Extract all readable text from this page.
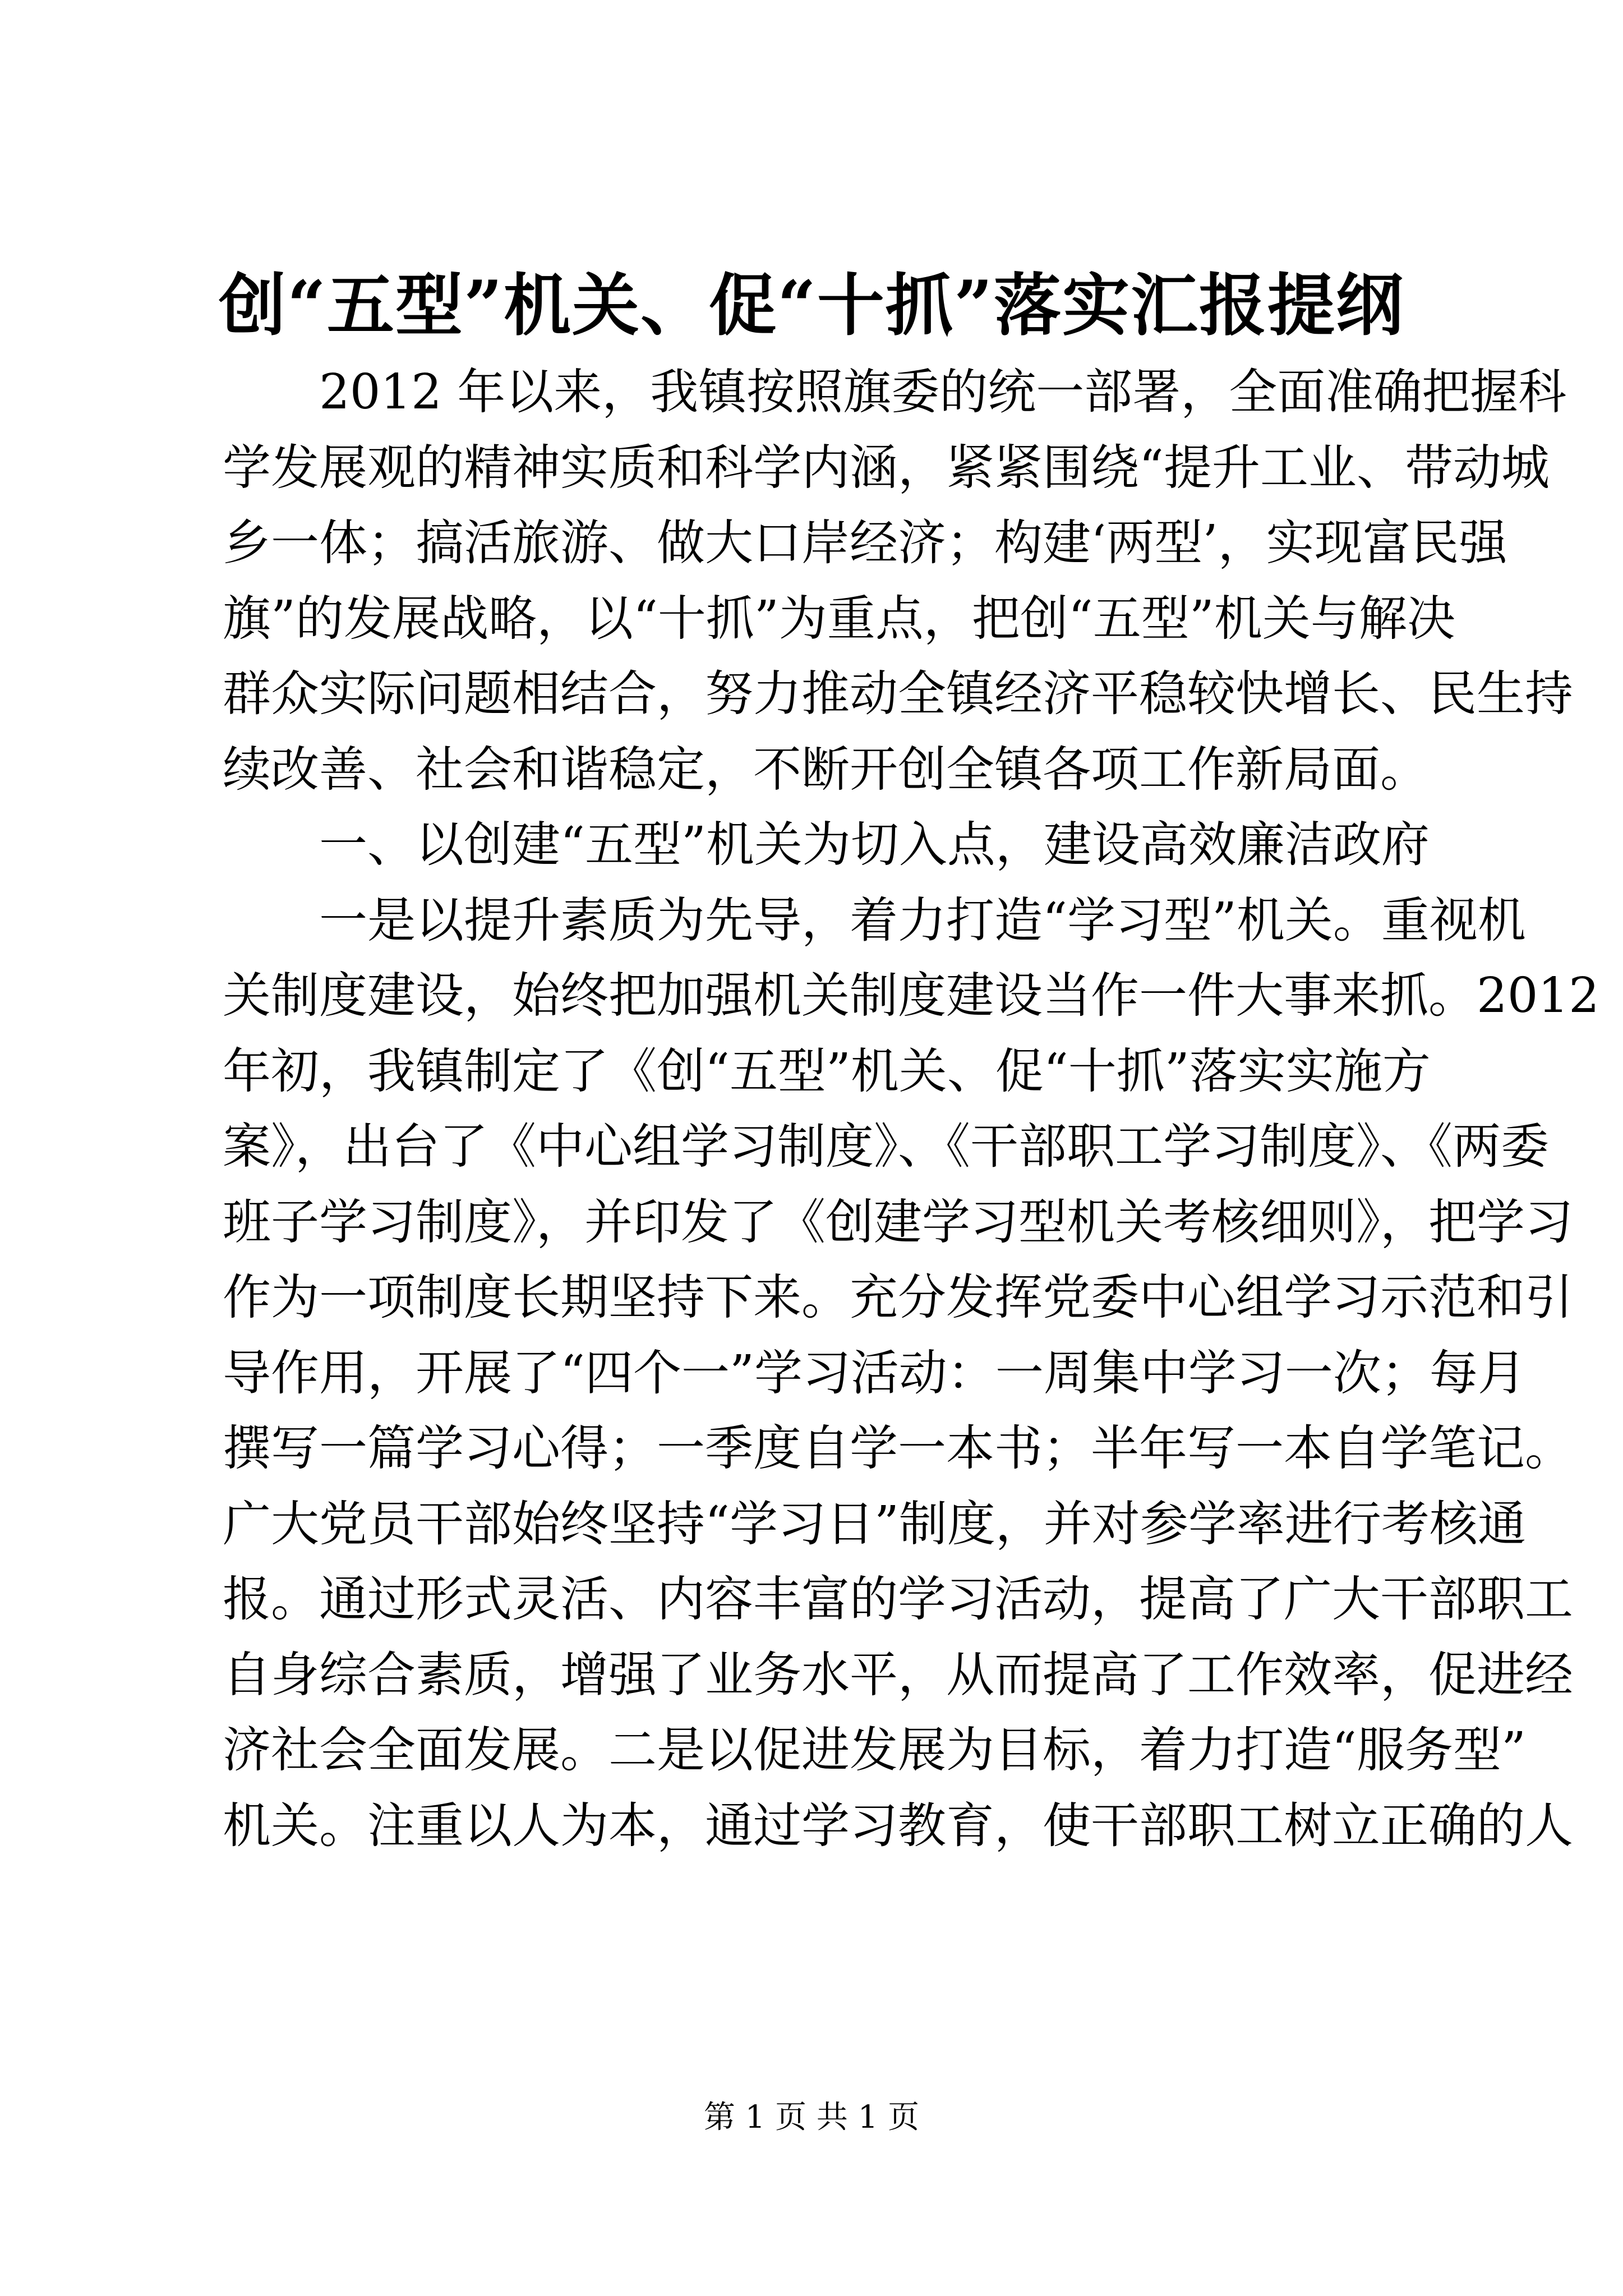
创“五型”机关、促“十抓”落实汇报提纲
2012 年以来，我镇按照旗委的统一部署，全面准确把握科
学发展观的精神实质和科学内涵，紧紧围绕“提升工业、带动城
乡一体；搞活旅游、做大口岸经济；构建‘两型’，实现富民强
旗”的发展战略，以“十抓”为重点，把创“五型”机关与解决
群众实际问题相结合，努力推动全镇经济平稳较快增长、民生持
续改善、社会和谐稳定，不断开创全镇各项工作新局面。
一、以创建“五型”机关为切入点，建设高效廉洁政府
一是以提升素质为先导，着力打造“学习型”机关。重视机
关制度建设，始终把加强机关制度建设当作一件大事来抓。2012
年初，我镇制定了《创“五型”机关、促“十抓”落实实施方
案》，出台了《中心组学习制度》、《干部职工学习制度》、《两委
班子学习制度》，并印发了《创建学习型机关考核细则》，把学习
作为一项制度长期坚持下来。充分发挥党委中心组学习示范和引
导作用，开展了“四个一”学习活动：一周集中学习一次；每月
撰写一篇学习心得；一季度自学一本书；半年写一本自学笔记。
广大党员干部始终坚持“学习日”制度，并对参学率进行考核通
报。通过形式灵活、内容丰富的学习活动，提高了广大干部职工
自身综合素质，增强了业务水平，从而提高了工作效率，促进经
济社会全面发展。二是以促进发展为目标，着力打造“服务型”
机关。注重以人为本，通过学习教育，使干部职工树立正确的人
第 1 页 共 1 页
